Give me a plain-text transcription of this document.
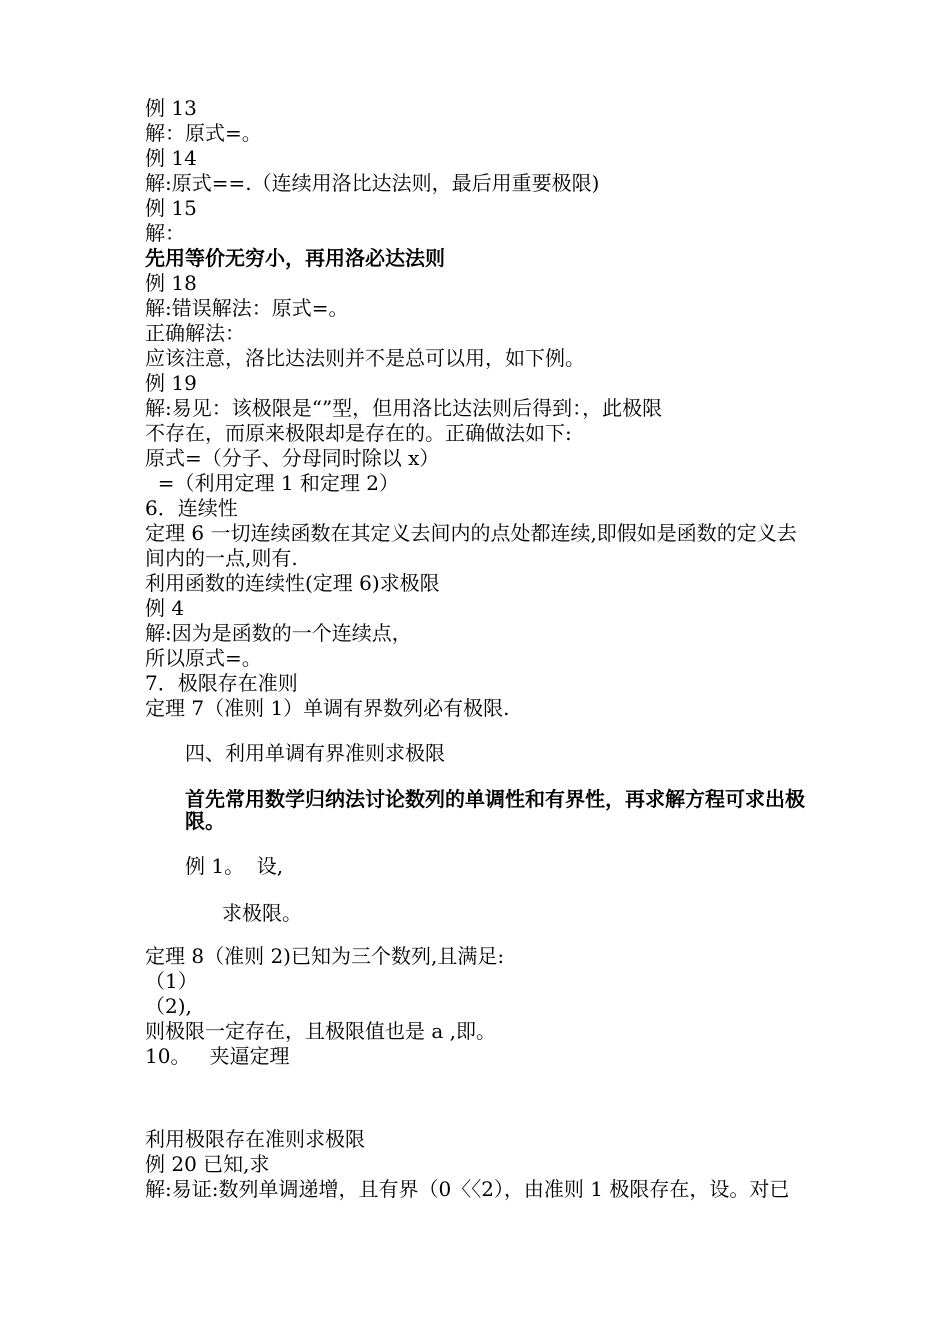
例 13
解：原式=。
例 14
解:原式==.（连续用洛比达法则，最后用重要极限)
例 15
解：
先用等价无穷小，再用洛必达法则
例 18
解:错误解法：原式=。
正确解法：
应该注意，洛比达法则并不是总可以用，如下例。
例 19
解:易见：该极限是“”型，但用洛比达法则后得到：，此极限
不存在，而原来极限却是存在的。正确做法如下:
原式=（分子、分母同时除以 x）
=（利用定理 1 和定理 2）
6．连续性
定理 6 一切连续函数在其定义去间内的点处都连续,即假如是函数的定义去间内的一点,则有.
利用函数的连续性(定理 6)求极限
例 4
解:因为是函数的一个连续点，
所以原式=。
7．极限存在准则
定理 7（准则 1）单调有界数列必有极限.
四、利用单调有界准则求极限
首先常用数学归纳法讨论数列的单调性和有界性，再求解方程可求出极限。
例 1。  设,
求极限。
定理 8（准则 2)已知为三个数列,且满足:
（1）
（2),
则极限一定存在，且极限值也是 a ,即。
10。   夹逼定理
利用极限存在准则求极限
例 20 已知,求
解:易证:数列单调递增，且有界（0〈〈2），由准则 1 极限存在，设。对已
